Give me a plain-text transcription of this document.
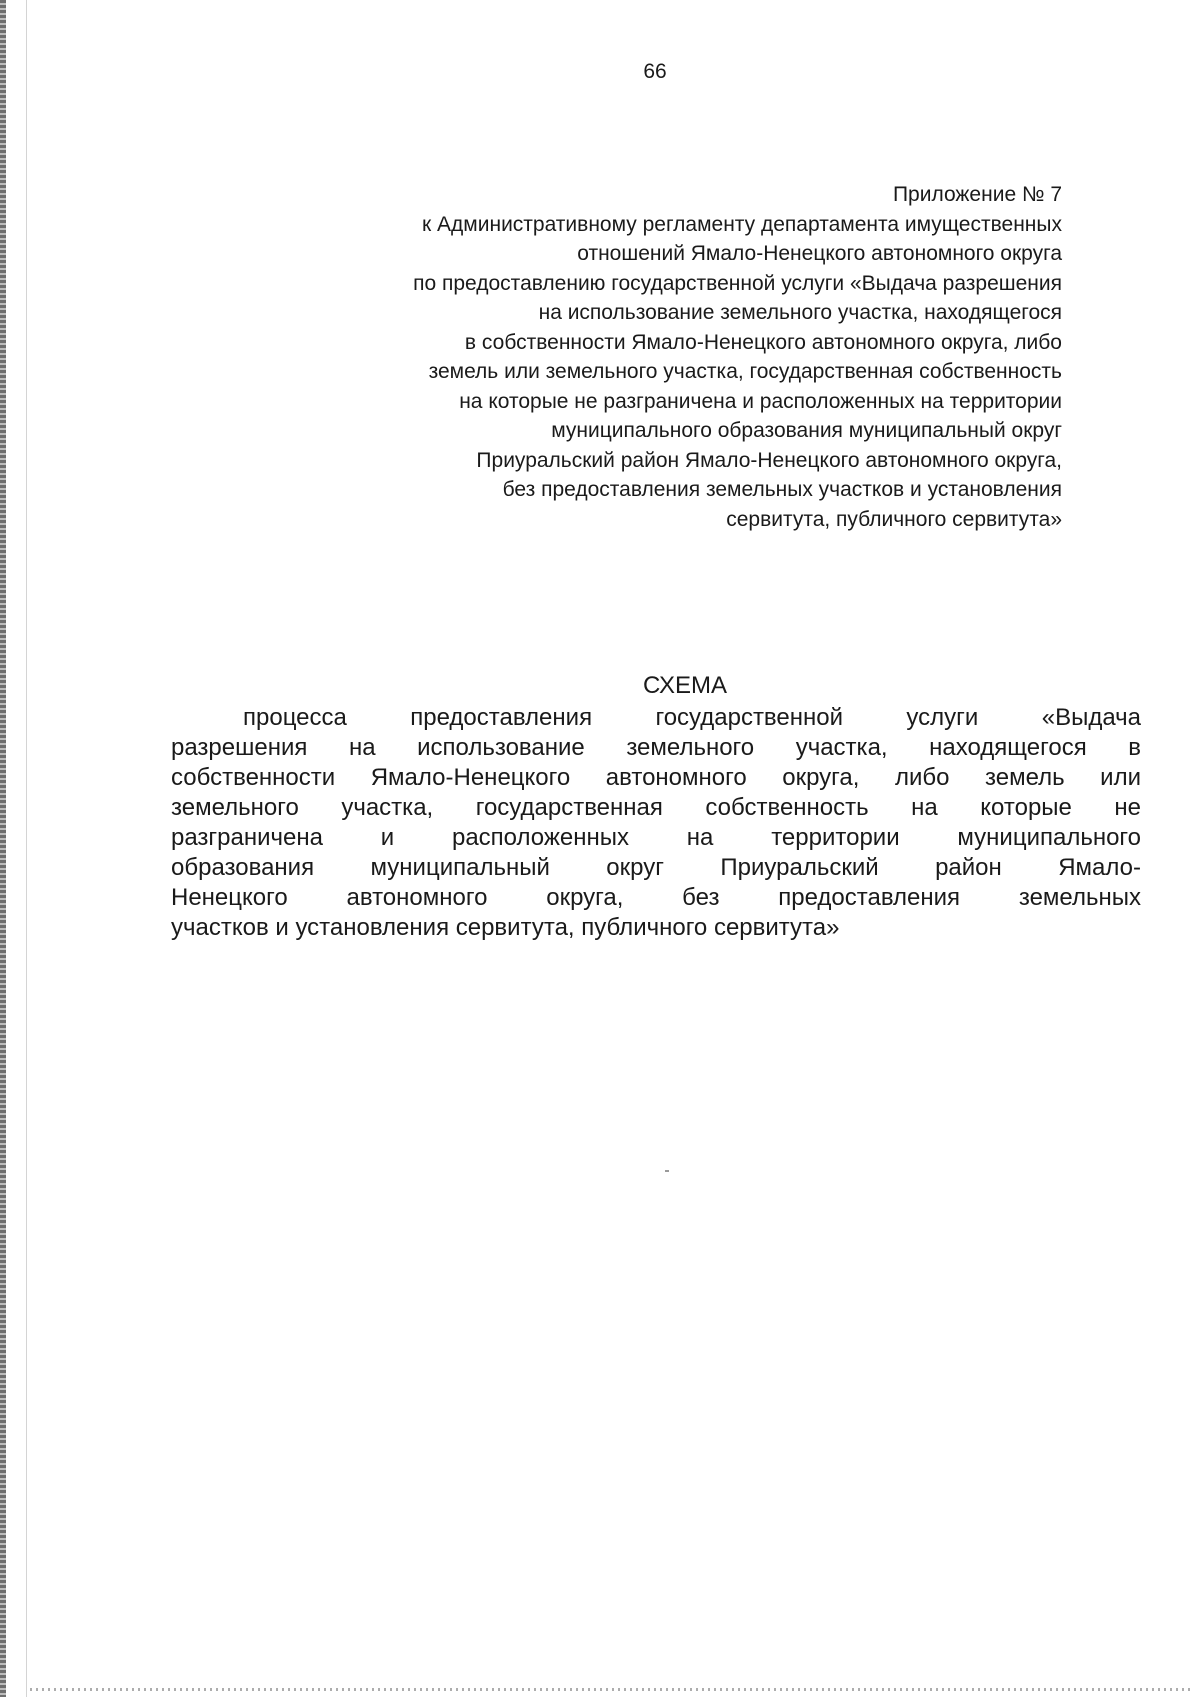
66
Приложение № 7
к Административному регламенту департамента имущественных
отношений Ямало-Ненецкого автономного округа
по предоставлению государственной услуги «Выдача разрешения
на использование земельного участка, находящегося
в собственности Ямало-Ненецкого автономного округа, либо
земель или земельного участка, государственная собственность
на которые не разграничена и расположенных на территории
муниципального образования муниципальный округ
Приуральский район Ямало-Ненецкого автономного округа,
без предоставления земельных участков и установления
сервитута, публичного сервитута»
СХЕМА
процесса предоставления государственной услуги «Выдача
разрешения на использование земельного участка, находящегося в
собственности Ямало-Ненецкого автономного округа, либо земель или
земельного участка, государственная собственность на которые не
разграничена и расположенных на территории муниципального
образования муниципальный округ Приуральский район Ямало-
Ненецкого автономного округа, без предоставления земельных
участков и установления сервитута, публичного сервитута»
